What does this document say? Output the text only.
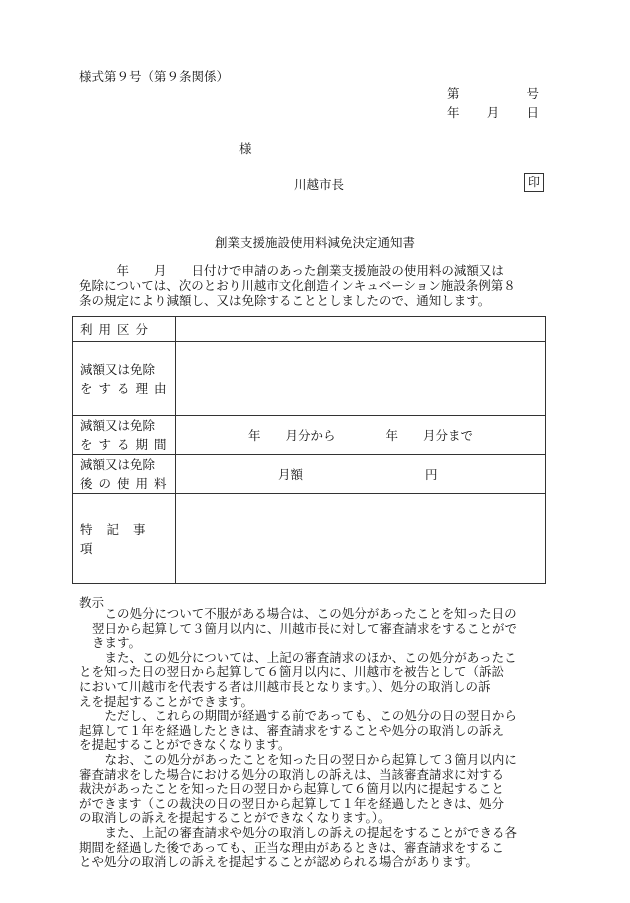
様式第９号（第９条関係）
第	号
年 月 日
様
川越市長	印
創業支援施設使用料減免決定通知書
　　　年　　月　　日付けで申請のあった創業支援施設の使用料の減額又は
免除については、次のとおり川越市文化創造インキュベーション施設条例第８
条の規定により減額し、又は免除することとしましたので、通知します。
利用区分	

減額又は免除
をする理由	

減額又は免除
をする期間	年　　月分から　　　　年　　月分まで

減額又は免除
後の使用料	月額 円
特記事項	
教示
　この処分について不服がある場合は、この処分があったことを知った日の
翌日から起算して３箇月以内に、川越市長に対して審査請求をすることがで
きます。
　また、この処分については、上記の審査請求のほか、この処分があったこ
とを知った日の翌日から起算して６箇月以内に、川越市を被告として（訴訟
において川越市を代表する者は川越市長となります。）、処分の取消しの訴
えを提起することができます。
　ただし、これらの期間が経過する前であっても、この処分の日の翌日から
起算して１年を経過したときは、審査請求をすることや処分の取消しの訴え
を提起することができなくなります。
　なお、この処分があったことを知った日の翌日から起算して３箇月以内に
審査請求をした場合における処分の取消しの訴えは、当該審査請求に対する
裁決があったことを知った日の翌日から起算して６箇月以内に提起すること
ができます（この裁決の日の翌日から起算して１年を経過したときは、処分
の取消しの訴えを提起することができなくなります。）。
　また、上記の審査請求や処分の取消しの訴えの提起をすることができる各
期間を経過した後であっても、正当な理由があるときは、審査請求をするこ
とや処分の取消しの訴えを提起することが認められる場合があります。
